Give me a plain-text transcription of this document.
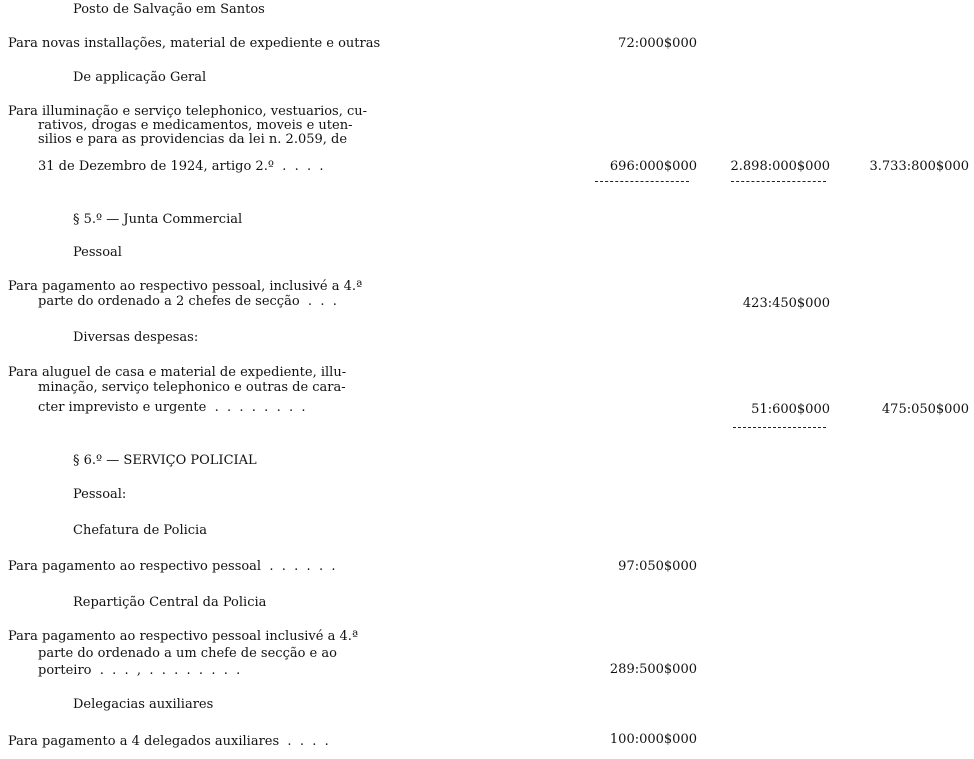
Posto de Salvação em Santos
Para novas installações, material de expediente e outras	72:000$000
De applicação Geral
Para illuminação e serviço telephonico, vestuarios, cu-
rativos, drogas e medicamentos, moveis e uten-
silios e para as providencias da lei n. 2.059, de
31 de Dezembro de 1924, artigo 2.º  .  .  .  .	696:000$000	2.898:000$000	3.733:800$000
§ 5.º — Junta Commercial
Pessoal
Para pagamento ao respectivo pessoal, inclusivé a 4.ª
parte do ordenado a 2 chefes de secção  .  .  .	423:450$000
Diversas despesas:
Para aluguel de casa e material de expediente, illu-
minação, serviço telephonico e outras de cara-
cter imprevisto e urgente  .  .  .  .  .  .  .  .	51:600$000	475:050$000
§ 6.º — SERVIÇO POLICIAL
Pessoal:
Chefatura de Policia
Para pagamento ao respectivo pessoal  .  .  .  .  .  .	97:050$000
Repartição Central da Policia
Para pagamento ao respectivo pessoal inclusivé a 4.ª
parte do ordenado a um chefe de secção e ao
porteiro  .  .  .  ,  .  .  .  .  .  .  .  .	289:500$000
Delegacias auxiliares
Para pagamento a 4 delegados auxiliares  .  .  .  .	100:000$000
